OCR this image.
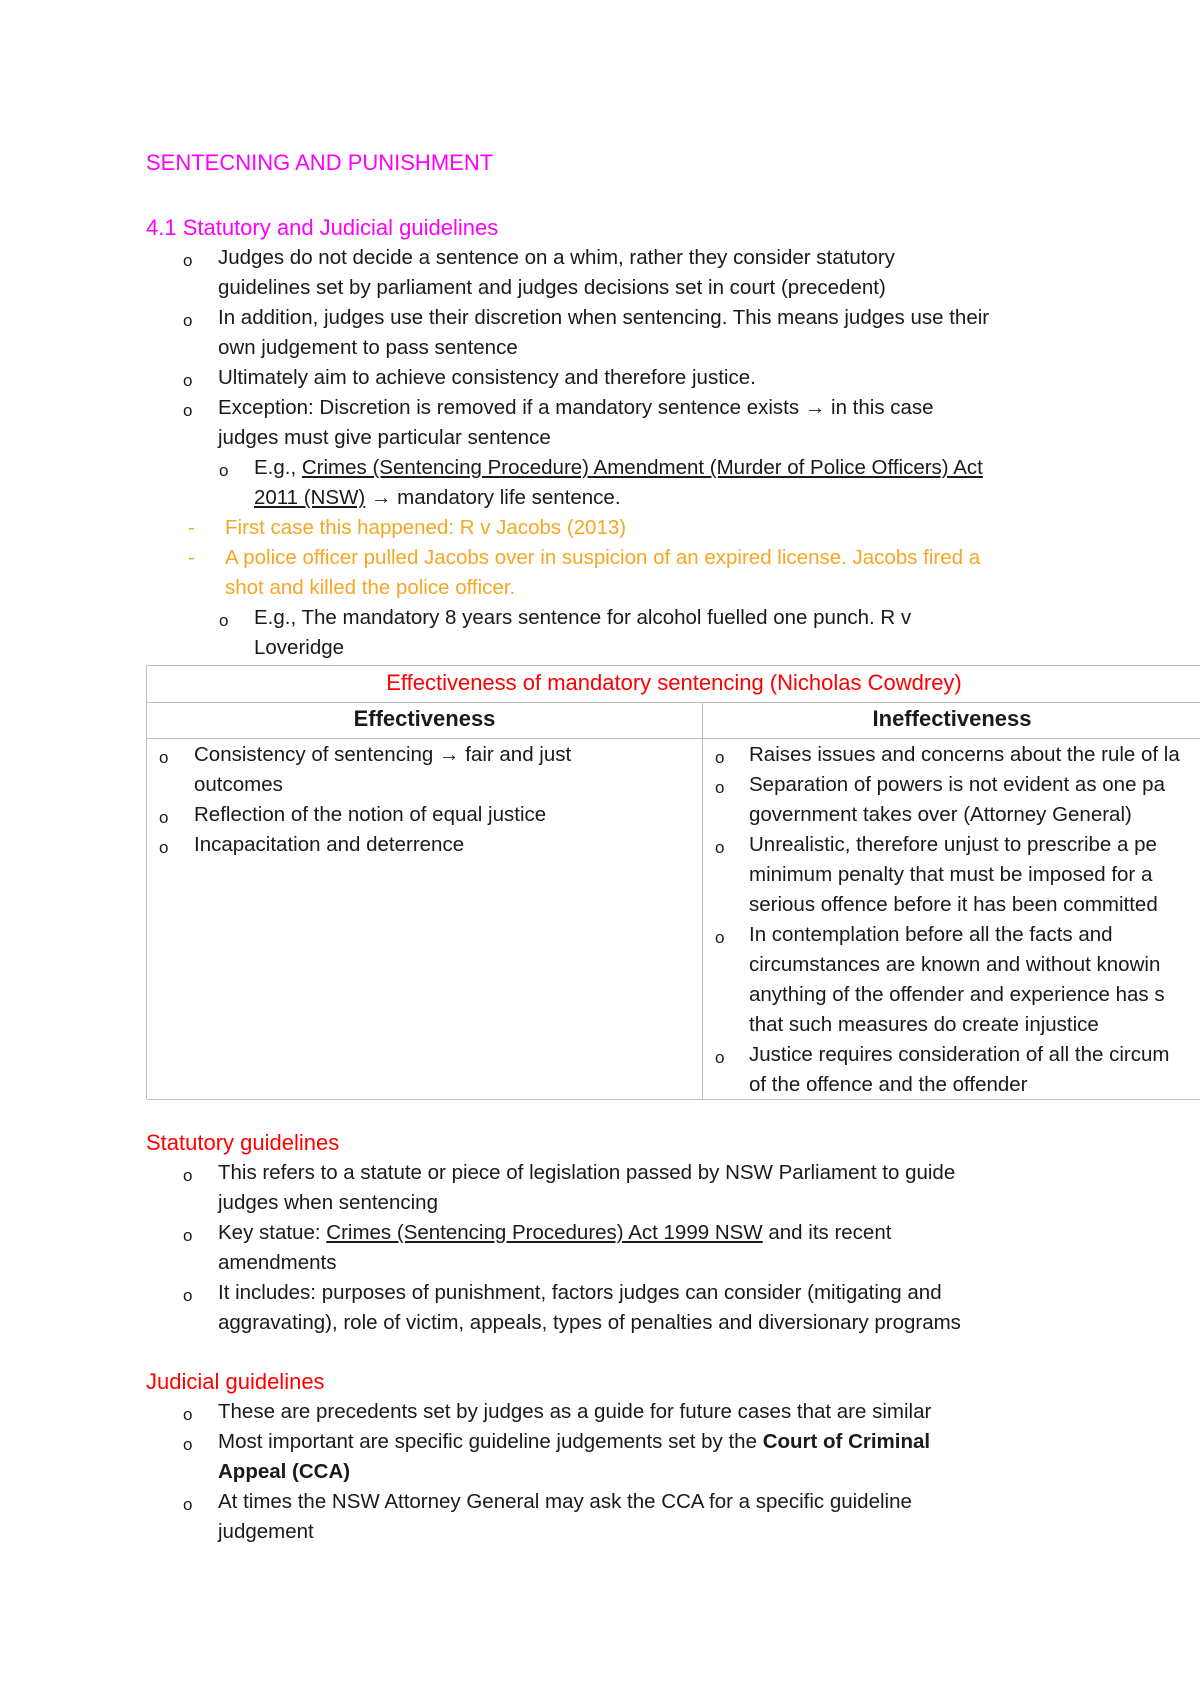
SENTECNING AND PUNISHMENT
4.1 Statutory and Judicial guidelines
o Judges do not decide a sentence on a whim, rather they consider statutory
guidelines set by parliament and judges decisions set in court (precedent)
o In addition, judges use their discretion when sentencing. This means judges use their
own judgement to pass sentence
o Ultimately aim to achieve consistency and therefore justice.
o Exception: Discretion is removed if a mandatory sentence exists → in this case
judges must give particular sentence
o E.g., Crimes (Sentencing Procedure) Amendment (Murder of Police Officers) Act
2011 (NSW) → mandatory life sentence.
- First case this happened: R v Jacobs (2013)
- A police officer pulled Jacobs over in suspicion of an expired license. Jacobs fired a
shot and killed the police officer.
o E.g., The mandatory 8 years sentence for alcohol fuelled one punch. R v
Loveridge
Effectiveness of mandatory sentencing (Nicholas Cowdrey)
Effectiveness	Ineffectiveness
o Consistency of sentencing → fair and just
outcomes
o Reflection of the notion of equal justice
o Incapacitation and deterrence
o Raises issues and concerns about the rule of la
o Separation of powers is not evident as one pa
government takes over (Attorney General)
o Unrealistic, therefore unjust to prescribe a pe
minimum penalty that must be imposed for a
serious offence before it has been committed
o In contemplation before all the facts and
circumstances are known and without knowin
anything of the offender and experience has s
that such measures do create injustice
o Justice requires consideration of all the circum
of the offence and the offender
Statutory guidelines
o This refers to a statute or piece of legislation passed by NSW Parliament to guide
judges when sentencing
o Key statue: Crimes (Sentencing Procedures) Act 1999 NSW and its recent
amendments
o It includes: purposes of punishment, factors judges can consider (mitigating and
aggravating), role of victim, appeals, types of penalties and diversionary programs
Judicial guidelines
o These are precedents set by judges as a guide for future cases that are similar
o Most important are specific guideline judgements set by the Court of Criminal
Appeal (CCA)
o At times the NSW Attorney General may ask the CCA for a specific guideline
judgement
